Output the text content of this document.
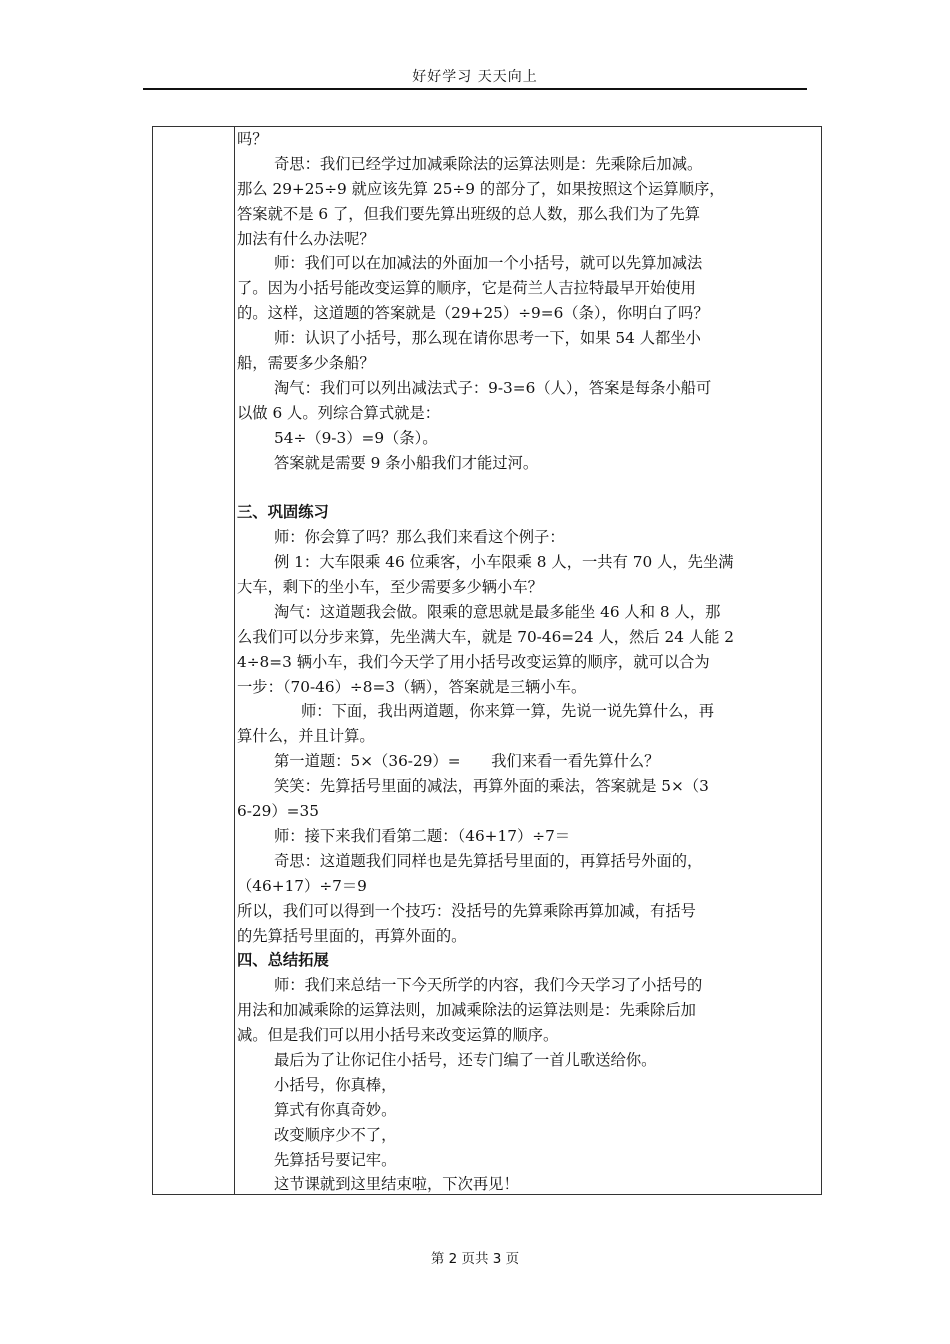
好好学习 天天向上
吗？
奇思：我们已经学过加减乘除法的运算法则是：先乘除后加减。
那么 29+25÷9 就应该先算 25÷9 的部分了，如果按照这个运算顺序，
答案就不是 6 了，但我们要先算出班级的总人数，那么我们为了先算
加法有什么办法呢？
师：我们可以在加减法的外面加一个小括号，就可以先算加减法
了。因为小括号能改变运算的顺序，它是荷兰人吉拉特最早开始使用
的。这样，这道题的答案就是（29+25）÷9=6（条），你明白了吗？
师：认识了小括号，那么现在请你思考一下，如果 54 人都坐小
船，需要多少条船？
淘气：我们可以列出减法式子：9-3=6（人），答案是每条小船可
以做 6 人。列综合算式就是：
54÷（9-3）=9（条）。
答案就是需要 9 条小船我们才能过河。
三、巩固练习
师：你会算了吗？那么我们来看这个例子：
例 1：大车限乘 46 位乘客，小车限乘 8 人，一共有 70 人，先坐满
大车，剩下的坐小车，至少需要多少辆小车？
淘气：这道题我会做。限乘的意思就是最多能坐 46 人和 8 人，那
么我们可以分步来算，先坐满大车，就是 70-46=24 人，然后 24 人能 2
4÷8=3 辆小车，我们今天学了用小括号改变运算的顺序，就可以合为
一步：（70-46）÷8=3（辆），答案就是三辆小车。
师：下面，我出两道题，你来算一算，先说一说先算什么，再
算什么，并且计算。
第一道题：5×（36-29）=　　我们来看一看先算什么？
笑笑：先算括号里面的减法，再算外面的乘法，答案就是 5×（3
6-29）=35
师：接下来我们看第二题：（46+17）÷7＝
奇思：这道题我们同样也是先算括号里面的，再算括号外面的，
（46+17）÷7＝9
所以，我们可以得到一个技巧：没括号的先算乘除再算加减，有括号
的先算括号里面的，再算外面的。
四、总结拓展
师：我们来总结一下今天所学的内容，我们今天学习了小括号的
用法和加减乘除的运算法则，加减乘除法的运算法则是：先乘除后加
减。但是我们可以用小括号来改变运算的顺序。
最后为了让你记住小括号，还专门编了一首儿歌送给你。
小括号，你真棒，
算式有你真奇妙。
改变顺序少不了，
先算括号要记牢。
这节课就到这里结束啦，下次再见！
第 2 页共 3 页
